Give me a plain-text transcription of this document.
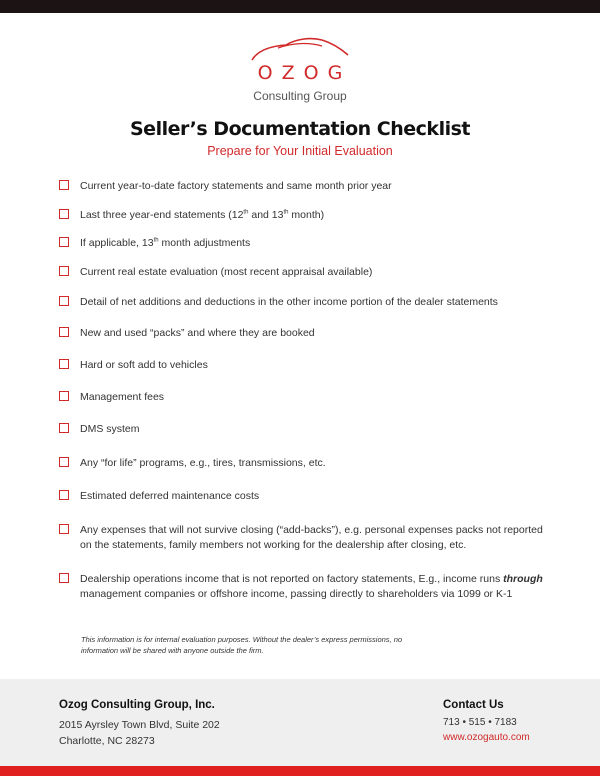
OZOG
Consulting Group
Seller’s Documentation Checklist
Prepare for Your Initial Evaluation
Current year-to-date factory statements and same month prior year
Last three year-end statements (12th and 13th month)
If applicable, 13th month adjustments
Current real estate evaluation (most recent appraisal available)
Detail of net additions and deductions in the other income portion of the dealer statements
New and used “packs” and where they are booked
Hard or soft add to vehicles
Management fees
DMS system
Any “for life” programs, e.g., tires, transmissions, etc.
Estimated deferred maintenance costs
Any expenses that will not survive closing (“add-backs”), e.g. personal expenses packs not reported on the statements, family members not working for the dealership after closing, etc.
Dealership operations income that is not reported on factory statements, E.g., income runs through management companies or offshore income, passing directly to shareholders via 1099 or K-1
This information is for internal evaluation purposes. Without the dealer’s express permissions, no information will be shared with anyone outside the firm.
Ozog Consulting Group, Inc.
2015 Ayrsley Town Blvd, Suite 202
Charlotte, NC 28273
Contact Us
713 • 515 • 7183
www.ozogauto.com
